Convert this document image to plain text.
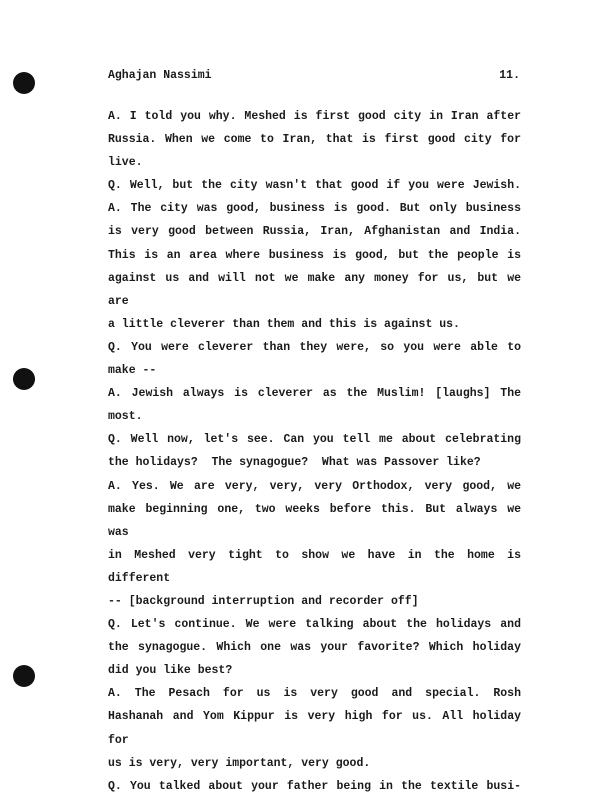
Aghajan Nassimi	11.
A. I told you why. Meshed is first good city in Iran after
Russia. When we come to Iran, that is first good city for
live.
Q. Well, but the city wasn't that good if you were Jewish.
A. The city was good, business is good. But only business
is very good between Russia, Iran, Afghanistan and India.
This is an area where business is good, but the people is
against us and will not we make any money for us, but we are
a little cleverer than them and this is against us.
Q. You were cleverer than they were, so you were able to
make --
A. Jewish always is cleverer as the Muslim! [laughs] The
most.
Q. Well now, let's see. Can you tell me about celebrating
the holidays?  The synagogue?  What was Passover like?
A. Yes. We are very, very, very Orthodox, very good, we
make beginning one, two weeks before this. But always we was
in Meshed very tight to show we have in the home is different
-- [background interruption and recorder off]
Q. Let's continue. We were talking about the holidays and
the synagogue. Which one was your favorite? Which holiday
did you like best?
A. The Pesach for us is very good and special. Rosh
Hashanah and Yom Kippur is very high for us. All holiday for
us is very, very important, very good.
Q. You talked about your father being in the textile busi-
